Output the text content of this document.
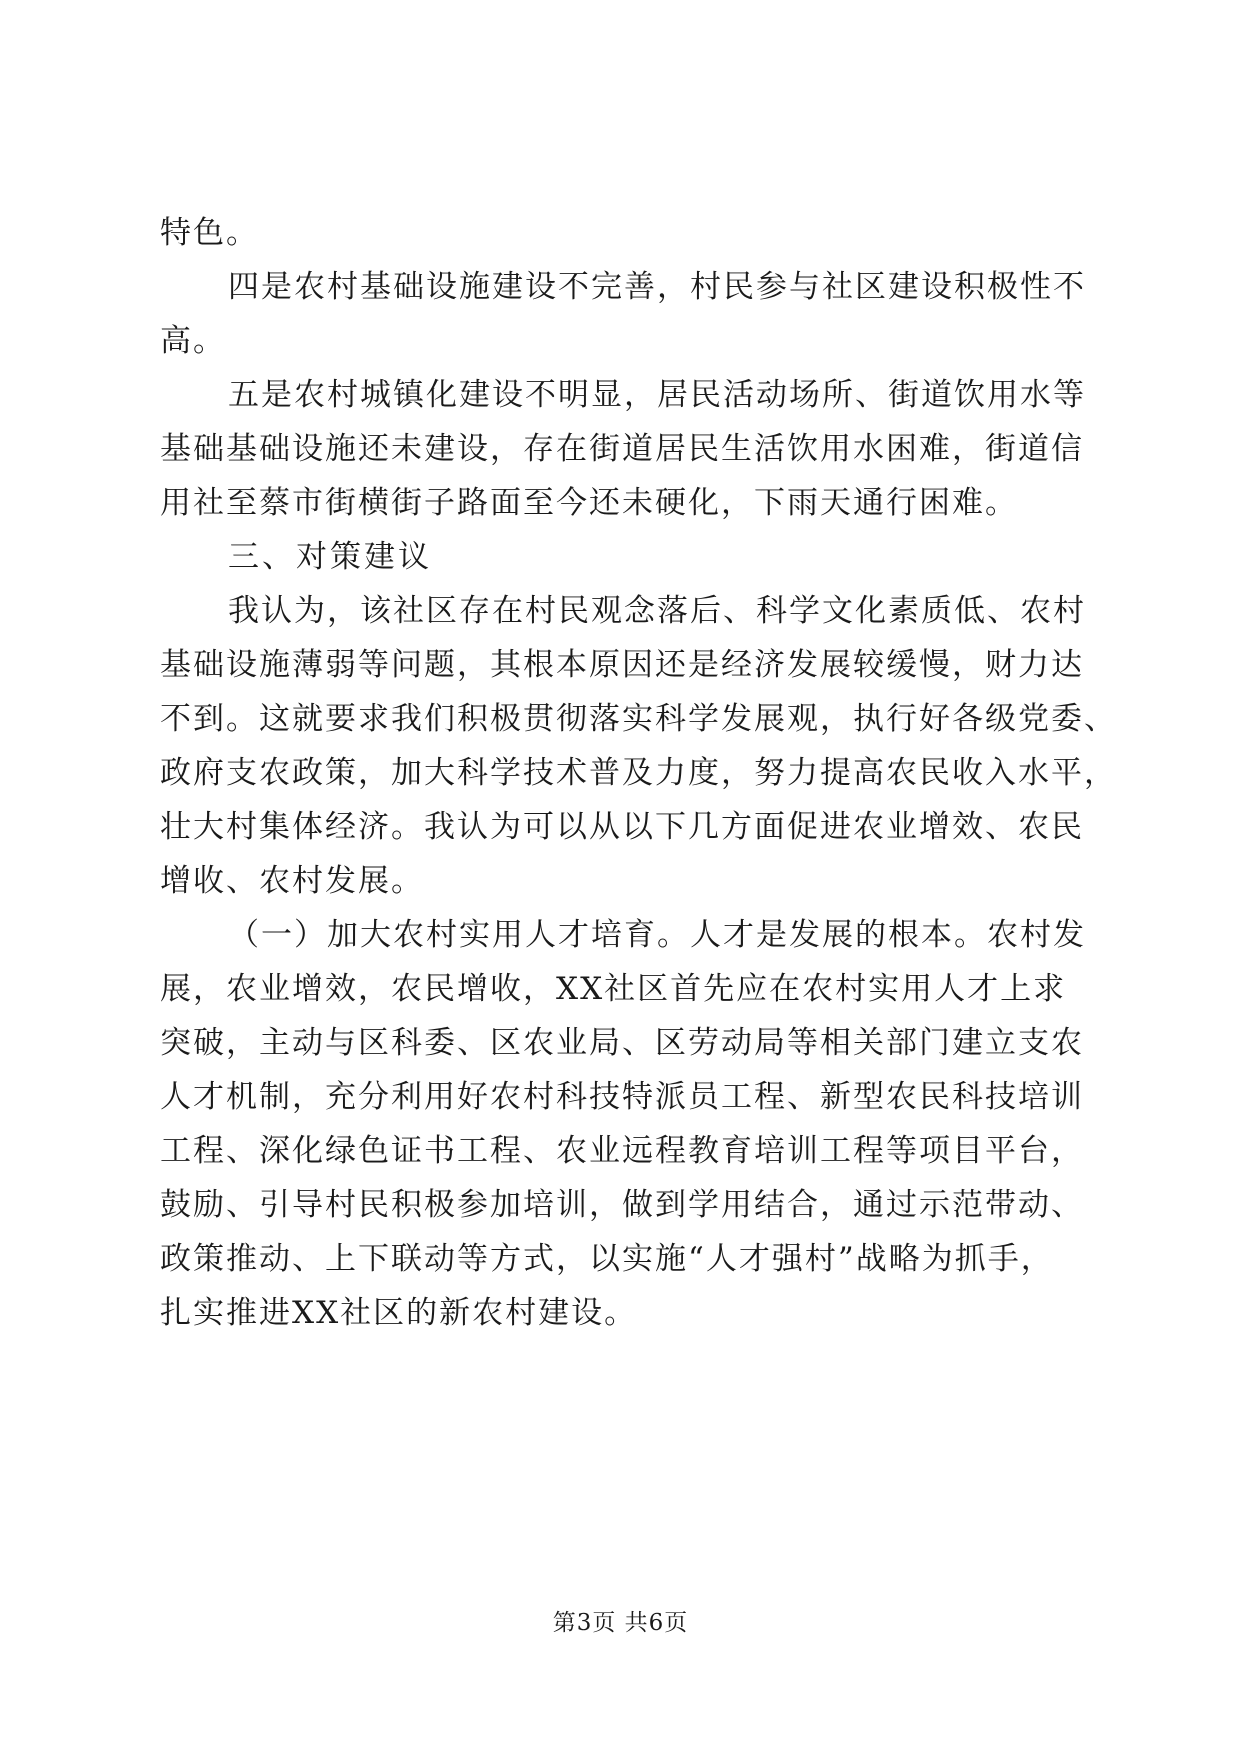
特色。
四是农村基础设施建设不完善，村民参与社区建设积极性不
高。
五是农村城镇化建设不明显，居民活动场所、街道饮用水等
基础基础设施还未建设，存在街道居民生活饮用水困难，街道信
用社至蔡市街横街子路面至今还未硬化，下雨天通行困难。
三、对策建议
我认为，该社区存在村民观念落后、科学文化素质低、农村
基础设施薄弱等问题，其根本原因还是经济发展较缓慢，财力达
不到。这就要求我们积极贯彻落实科学发展观，执行好各级党委、
政府支农政策，加大科学技术普及力度，努力提高农民收入水平，
壮大村集体经济。我认为可以从以下几方面促进农业增效、农民
增收、农村发展。
（一）加大农村实用人才培育。人才是发展的根本。农村发
展，农业增效，农民增收，XX社区首先应在农村实用人才上求
突破，主动与区科委、区农业局、区劳动局等相关部门建立支农
人才机制，充分利用好农村科技特派员工程、新型农民科技培训
工程、深化绿色证书工程、农业远程教育培训工程等项目平台，
鼓励、引导村民积极参加培训，做到学用结合，通过示范带动、
政策推动、上下联动等方式，以实施“人才强村”战略为抓手，
扎实推进XX社区的新农村建设。
第3页 共6页
